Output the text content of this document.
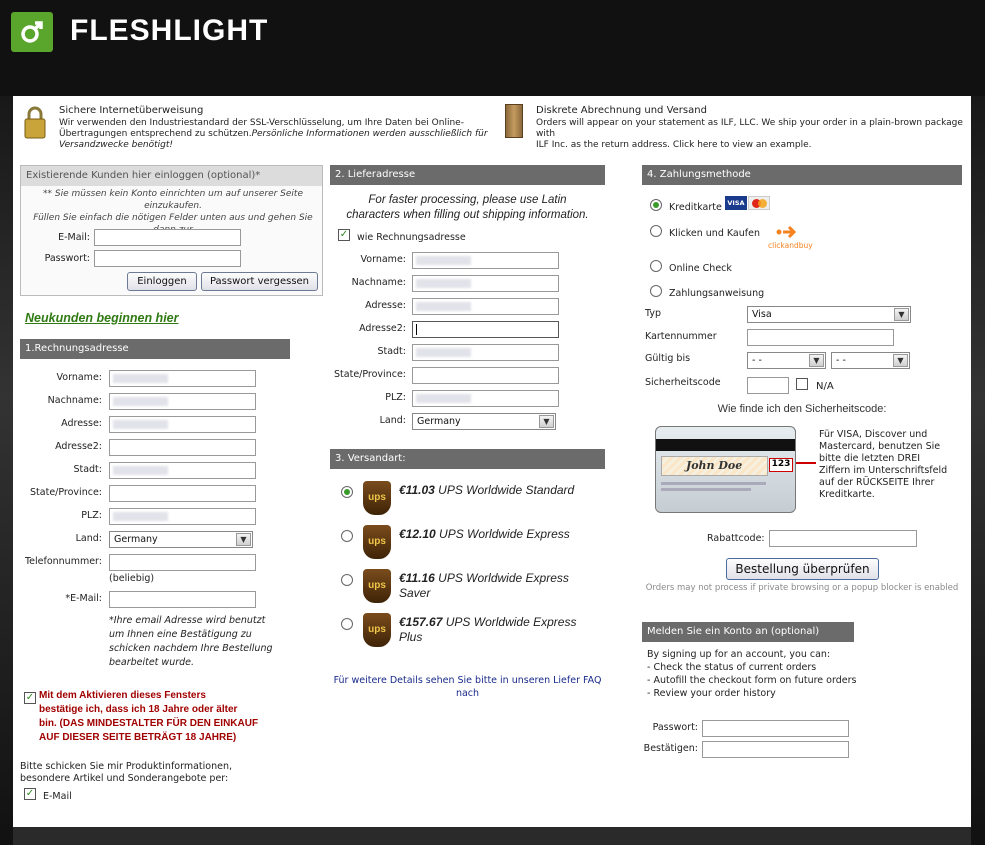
FLESHLIGHT
Sichere Internetüberweisung
Wir verwenden den Industriestandard der SSL-Verschlüsselung, um Ihre Daten bei Online-
Übertragungen entsprechend zu schützen.Persönliche Informationen werden ausschließlich für
Versandzwecke benötigt!
Diskrete Abrechnung und Versand
Orders will appear on your statement as ILF, LLC. We ship your order in a plain-brown package with
ILF Inc. as the return address. Click here to view an example.
Existierende Kunden hier einloggen (optional)*
** Sie müssen kein Konto einrichten um auf unserer Seite einzukaufen.
Füllen Sie einfach die nötigen Felder unten aus und gehen Sie
E-Mail:
Passwort:
Einloggen	Passwort vergessen
Neukunden beginnen hier
1.Rechnungsadresse
Vorname:
Nachname:
Adresse:
Adresse2:
Stadt:
State/Province:
PLZ:
Land:	Germany	▼
Telefonnummer:
(beliebig)
*E-Mail:
*Ihre email Adresse wird benutzt
um Ihnen eine Bestätigung zu
schicken nachdem Ihre Bestellung
bearbeitet wurde.
✓ Mit dem Aktivieren dieses Fensters
bestätige ich, dass ich 18 Jahre oder älter
bin. (DAS MINDESTALTER FÜR DEN EINKAUF
AUF DIESER SEITE BETRÄGT 18 JAHRE)
Bitte schicken Sie mir Produktinformationen,
besondere Artikel und Sonderangebote per:
✓ E-Mail
2. Lieferadresse
For faster processing, please use Latin
characters when filling out shipping information.
✓ wie Rechnungsadresse
Vorname:
Nachname:
Adresse:
Adresse2:
Stadt:
State/Province:
PLZ:
Land:	Germany	▼
3. Versandart:
ups
€11.03 UPS Worldwide Standard
ups
€12.10 UPS Worldwide Express
ups
€11.16 UPS Worldwide Express
Saver
ups
€157.67 UPS Worldwide Express
Plus
Für weitere Details sehen Sie bitte in unseren Liefer FAQ
nach
4. Zahlungsmethode
Kreditkarte VISA
Klicken und Kaufen
clickandbuy
Online Check
Zahlungsanweisung
Typ	Visa	▼
Kartennummer
Gültig bis	- -	▼	- -	▼
Sicherheitscode	N/A
Wie finde ich den Sicherheitscode:
John Doe	123
Für VISA, Discover und
Mastercard, benutzen Sie
bitte die letzten DREI
Ziffern im Unterschriftsfeld
auf der RÜCKSEITE Ihrer
Kreditkarte.
Rabattcode:
Bestellung überprüfen
Orders may not process if private browsing or a popup blocker is enabled
Melden Sie ein Konto an (optional)
By signing up for an account, you can:
- Check the status of current orders
- Autofill the checkout form on future orders
- Review your order history
Passwort:
Bestätigen:
